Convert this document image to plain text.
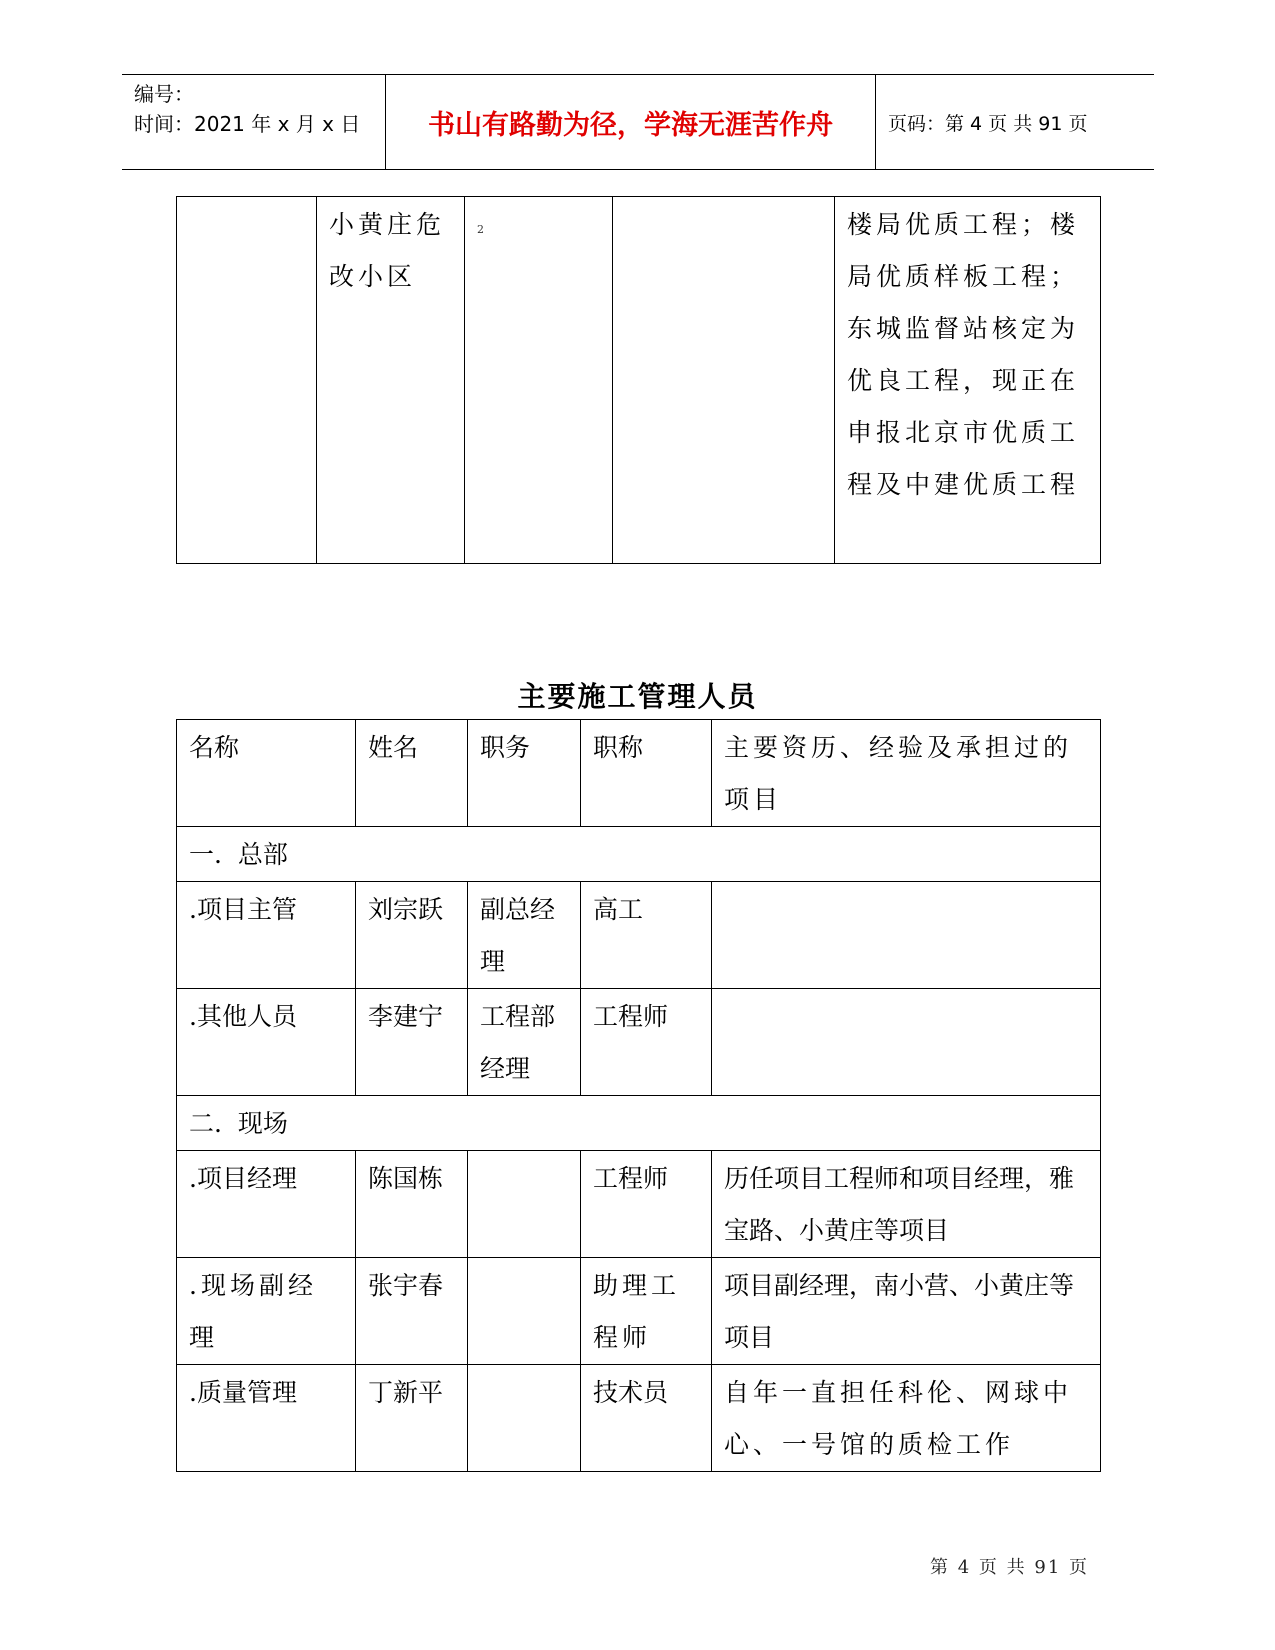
编号：
时间：2021 年 x 月 x 日	书山有路勤为径，学海无涯苦作舟	页码：第 4 页 共 91 页
	小黄庄危改小区	2		楼局优质工程；楼局优质样板工程；东城监督站核定为优良工程，现正在申报北京市优质工程及中建优质工程
主要施工管理人员
名称	姓名	职务	职称	主要资历、经验及承担过的项目
一.  总部				
.项目主管	刘宗跃	副总经理	高工	
.其他人员	李建宁	工程部经理	工程师	
二.  现场				
.项目经理	陈国栋		工程师	历任项目工程师和项目经理，雅宝路、小黄庄等项目
.现场副经理	张宇春		助理工程师	项目副经理，南小营、小黄庄等项目
.质量管理	丁新平		技术员	自年一直担任科伦、网球中心、一号馆的质检工作
第 4 页 共 91 页
